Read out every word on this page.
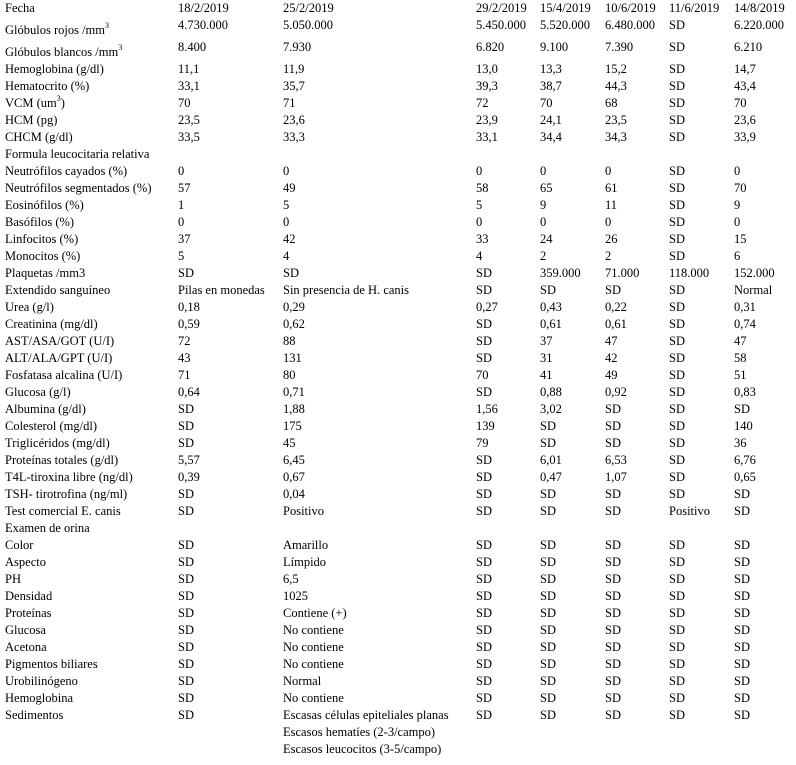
Fecha	18/2/2019	25/2/2019	29/2/2019	15/4/2019	10/6/2019	11/6/2019	14/8/2019
Glóbulos rojos $/mm^3$	4.730.000	5.050.000	5.450.000	5.520.000	6.480.000	SD	6.220.000
Glóbulos blancos $/mm^3$	8.400	7.930	6.820	9.100	7.390	SD	6.210
Hemoglobina (g/dl)	11,1	11,9	13,0	13,3	15,2	SD	14,7
Hematocrito (%)	33,1	35,7	39,3	38,7	44,3	SD	43,4
VCM $(um^3)$	70	71	72	70	68	SD	70
HCM (pg)	23,5	23,6	23,9	24,1	23,5	SD	23,6
CHCM (g/dl)	33,5	33,3	33,1	34,4	34,3	SD	33,9
Formula leucocitaria relativa							
Neutrófilos cayados (%)	0	0	0	0	0	SD	0
Neutrófilos segmentados (%)	57	49	58	65	61	SD	70
Eosinófilos (%)	1	5	5	9	11	SD	9
Basófilos (%)	0	0	0	0	0	SD	0
Linfocitos (%)	37	42	33	24	26	SD	15
Monocitos (%)	5	4	4	2	2	SD	6
Plaquetas /mm3	SD	SD	SD	359.000	71.000	118.000	152.000
Extendido sanguíneo	Pilas en monedas	Sin presencia de H. canis	SD	SD	SD	SD	Normal
Urea (g/l)	0,18	0,29	0,27	0,43	0,22	SD	0,31
Creatinina (mg/dl)	0,59	0,62	SD	0,61	0,61	SD	0,74
AST/ASA/GOT (U/I)	72	88	SD	37	47	SD	47
ALT/ALA/GPT (U/I)	43	131	SD	31	42	SD	58
Fosfatasa alcalina (U/I)	71	80	70	41	49	SD	51
Glucosa (g/l)	0,64	0,71	SD	0,88	0,92	SD	0,83
Albumina (g/dl)	SD	1,88	1,56	3,02	SD	SD	SD
Colesterol (mg/dl)	SD	175	139	SD	SD	SD	140
Triglicéridos (mg/dl)	SD	45	79	SD	SD	SD	36
Proteínas totales (g/dl)	5,57	6,45	SD	6,01	6,53	SD	6,76
T4L-tiroxina libre (ng/dl)	0,39	0,67	SD	0,47	1,07	SD	0,65
TSH- tirotrofina (ng/ml)	SD	0,04	SD	SD	SD	SD	SD
Test comercial E. canis	SD	Positivo	SD	SD	SD	Positivo	SD
Examen de orina							
Color	SD	Amarillo	SD	SD	SD	SD	SD
Aspecto	SD	Límpido	SD	SD	SD	SD	SD
PH	SD	6,5	SD	SD	SD	SD	SD
Densidad	SD	1025	SD	SD	SD	SD	SD
Proteínas	SD	Contiene (+)	SD	SD	SD	SD	SD
Glucosa	SD	No contiene	SD	SD	SD	SD	SD
Acetona	SD	No contiene	SD	SD	SD	SD	SD
Pigmentos biliares	SD	No contiene	SD	SD	SD	SD	SD
Urobilinógeno	SD	Normal	SD	SD	SD	SD	SD
Hemoglobina	SD	No contiene	SD	SD	SD	SD	SD
Sedimentos	SD	Escasas células epiteliales planas	SD	SD	SD	SD	SD
		Escasos hematíes (2-3/campo)					
		Escasos leucocitos (3-5/campo)					
